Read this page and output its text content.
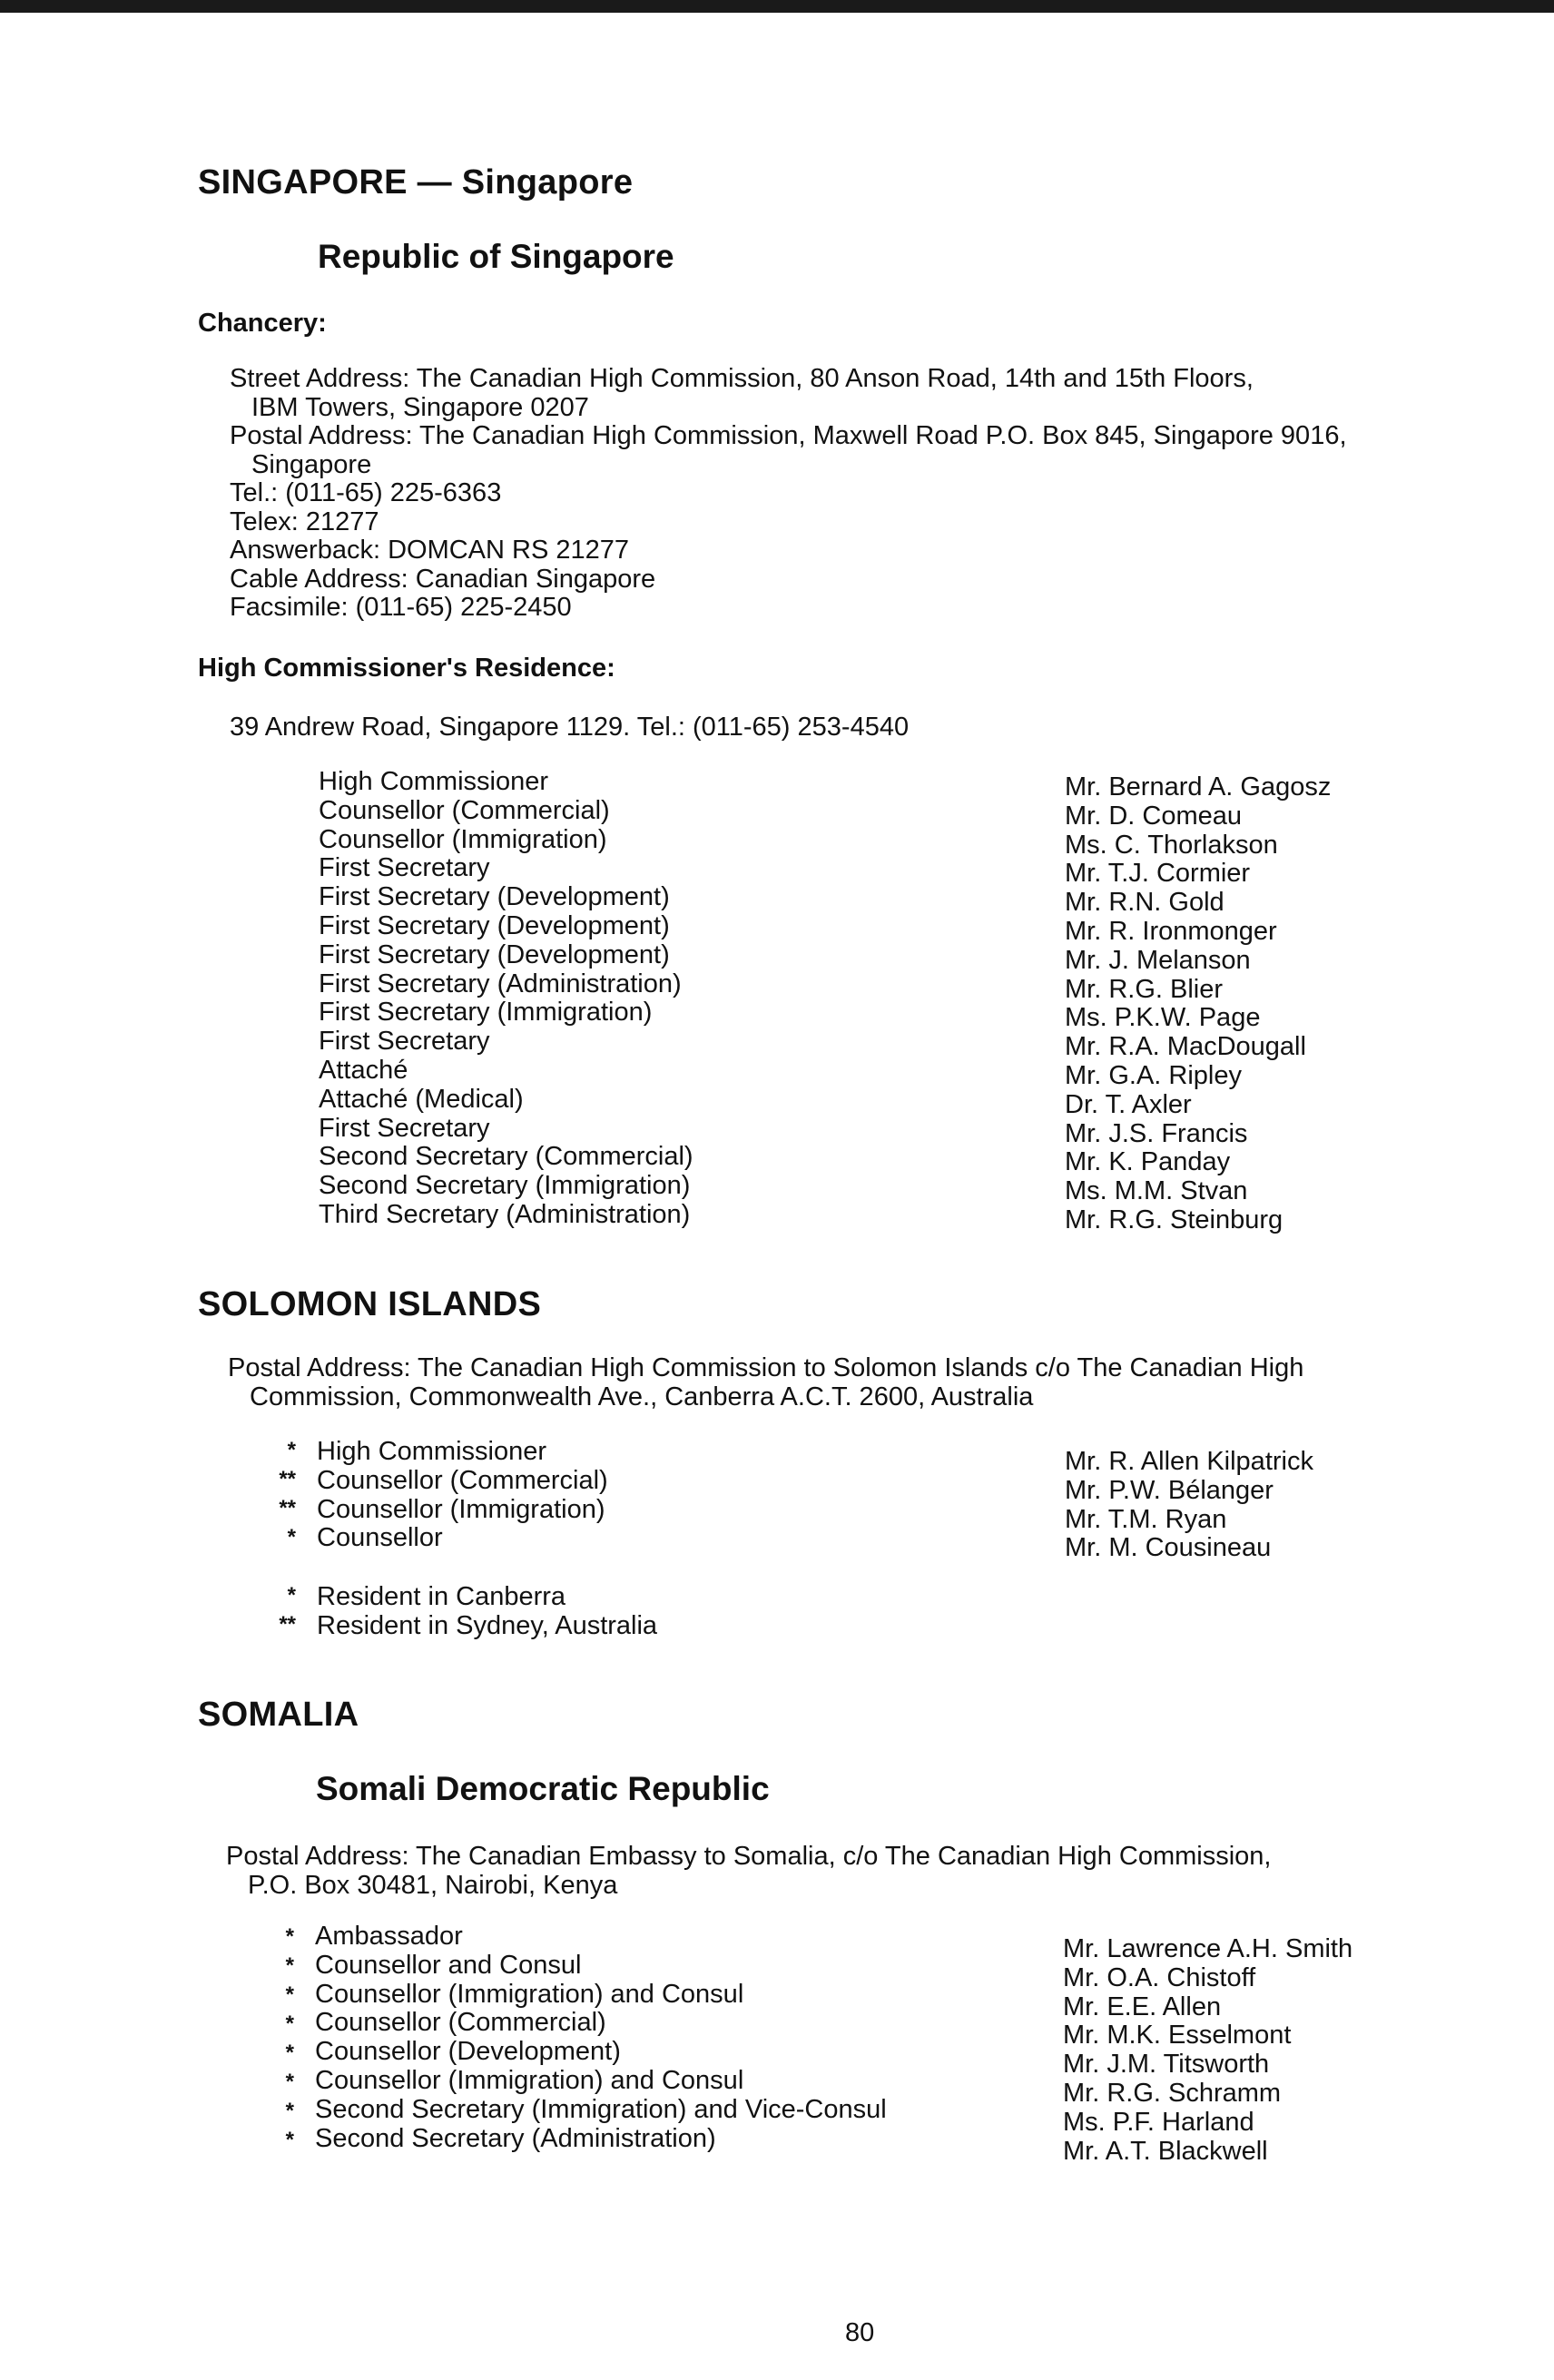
SINGAPORE — Singapore
Republic of Singapore
Chancery:
Street Address: The Canadian High Commission, 80 Anson Road, 14th and 15th Floors,
IBM Towers, Singapore 0207
Postal Address: The Canadian High Commission, Maxwell Road P.O. Box 845, Singapore 9016,
Singapore
Tel.: (011-65) 225-6363
Telex: 21277
Answerback: DOMCAN RS 21277
Cable Address: Canadian Singapore
Facsimile: (011-65) 225-2450
High Commissioner's Residence:
39 Andrew Road, Singapore 1129. Tel.: (011-65) 253-4540
High Commissioner
Counsellor (Commercial)
Counsellor (Immigration)
First Secretary
First Secretary (Development)
First Secretary (Development)
First Secretary (Development)
First Secretary (Administration)
First Secretary (Immigration)
First Secretary
Attaché
Attaché (Medical)
First Secretary
Second Secretary (Commercial)
Second Secretary (Immigration)
Third Secretary (Administration)
Mr. Bernard A. Gagosz
Mr. D. Comeau
Ms. C. Thorlakson
Mr. T.J. Cormier
Mr. R.N. Gold
Mr. R. Ironmonger
Mr. J. Melanson
Mr. R.G. Blier
Ms. P.K.W. Page
Mr. R.A. MacDougall
Mr. G.A. Ripley
Dr. T. Axler
Mr. J.S. Francis
Mr. K. Panday
Ms. M.M. Stvan
Mr. R.G. Steinburg
SOLOMON ISLANDS
Postal Address: The Canadian High Commission to Solomon Islands c/o The Canadian High
Commission, Commonwealth Ave., Canberra A.C.T. 2600, Australia
*
**
**
*
High Commissioner
Counsellor (Commercial)
Counsellor (Immigration)
Counsellor
Mr. R. Allen Kilpatrick
Mr. P.W. Bélanger
Mr. T.M. Ryan
Mr. M. Cousineau
*
**
Resident in Canberra
Resident in Sydney, Australia
SOMALIA
Somali Democratic Republic
Postal Address: The Canadian Embassy to Somalia, c/o The Canadian High Commission,
P.O. Box 30481, Nairobi, Kenya
*
*
*
*
*
*
*
*
Ambassador
Counsellor and Consul
Counsellor (Immigration) and Consul
Counsellor (Commercial)
Counsellor (Development)
Counsellor (Immigration) and Consul
Second Secretary (Immigration) and Vice-Consul
Second Secretary (Administration)
Mr. Lawrence A.H. Smith
Mr. O.A. Chistoff
Mr. E.E. Allen
Mr. M.K. Esselmont
Mr. J.M. Titsworth
Mr. R.G. Schramm
Ms. P.F. Harland
Mr. A.T. Blackwell
80
